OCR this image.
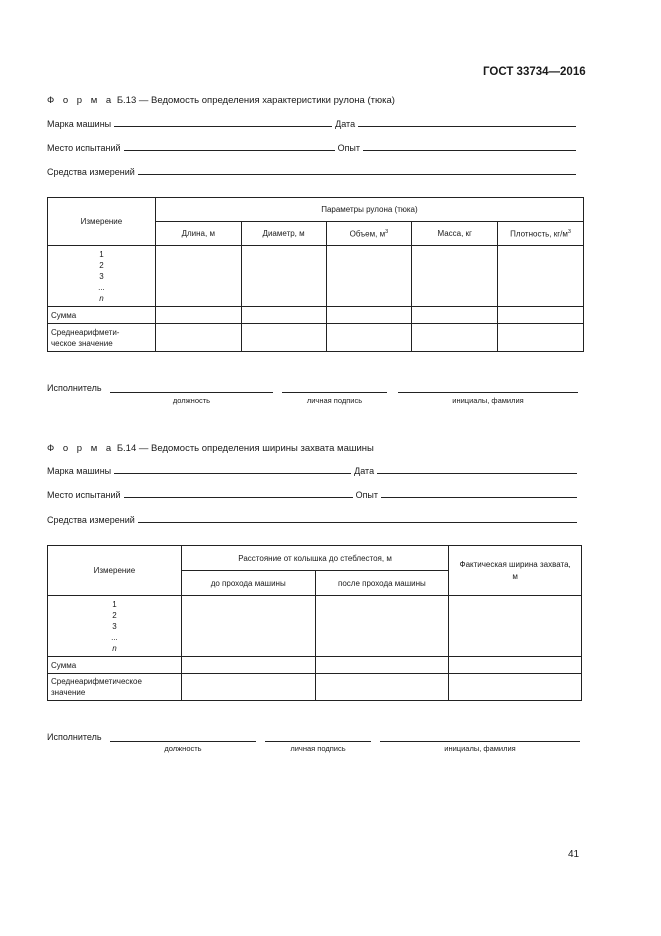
ГОСТ 33734—2016
Ф о р м а Б.13 — Ведомость определения характеристики рулона (тюка)
Марка машины	Дата
Место испытаний	Опыт
Средства измерений
Измерение	Параметры рулона (тюка)				
	Длина, м	Диаметр, м	Объем, $м^3$	Масса, кг	Плотность, $кг/м^3$

1
2
3
...
n					

Сумма					

Среднеарифмети-
ческое значение					

Исполнитель
должность	личная подпись	инициалы, фамилия
Ф о р м а Б.14 — Ведомость определения ширины захвата машины
Марка машины	Дата
Место испытаний	Опыт
Средства измерений
Измерение	Расстояние от колышка до стеблестоя, м		Фактическая ширина захвата,
м

	до прохода машины	после прохода машины	

1
2
3
...
n			

Сумма			

Среднеарифметическое
значение			

Исполнитель
должность	личная подпись	инициалы, фамилия
41
